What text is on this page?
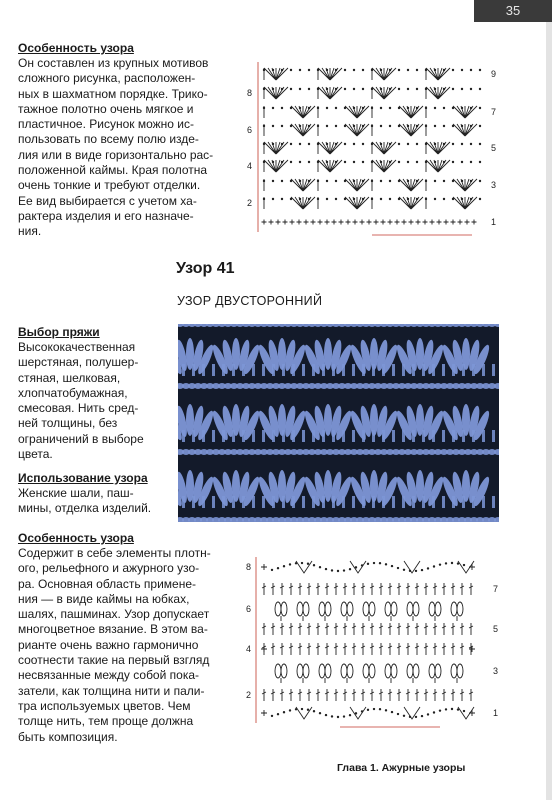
35
Особенность узора
Он составлен из крупных мотивов
сложного рисунка, расположен-
ных в шахматном порядке. Трико-
тажное полотно очень мягкое и
пластичное. Рисунок можно ис-
пользовать по всему полю изде-
лия или в виде горизонтально рас-
положенной каймы. Края полотна
очень тонкие и требуют отделки.
Ее вид выбирается с учетом ха-
рактера изделия и его назначе-
ния.
9
7
5
3
1
8
6
4
2
Узор 41
УЗОР ДВУСТОРОННИЙ
Выбор пряжи
Высококачественная
шерстяная, полушер-
стяная, шелковая,
хлопчатобумажная,
смесовая. Нить сред-
ней толщины, без
ограничений в выборе
цвета.
Использование узора
Женские шали, паш-
мины, отделка изделий.
Особенность узора
Содержит в себе элементы плотн-
ого, рельефного и ажурного узо-
ра. Основная область примене-
ния — в виде каймы на юбках,
шалях, пашминах. Узор допускает
многоцветное вязание. В этом ва-
рианте очень важно гармонично
соотнести такие на первый взгляд
несвязанные между собой пока-
затели, как толщина нити и пали-
тра используемых цветов. Чем
толще нить, тем проще должна
быть композиция.
7
5
3
1
8
6
4
2
Глава 1. Ажурные узоры
